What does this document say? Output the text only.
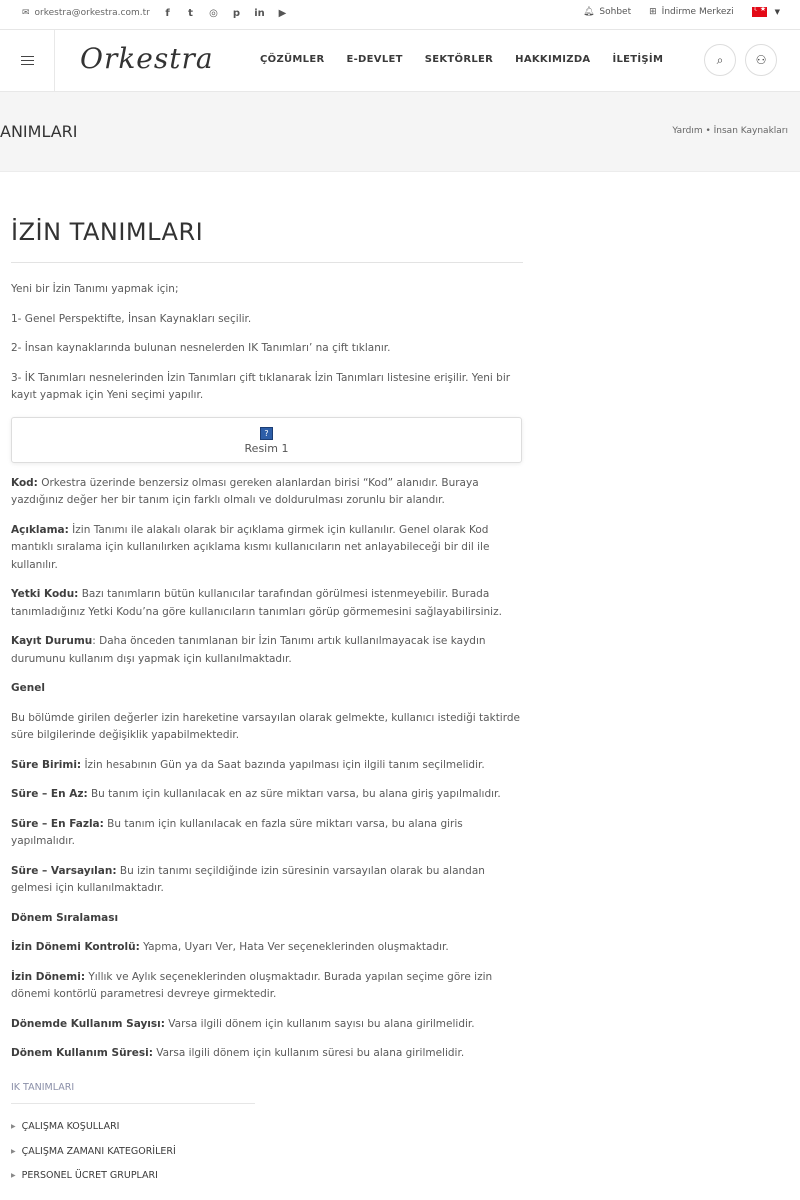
✉ orkestra@orkestra.com.tr	f	t	◎ p in ▶	🔔︎ Sohbet ⊞ İndirme Merkezi
☾★	▼
Orkestra	ÇÖZÜMLER E-DEVLET SEKTÖRLER HAKKIMIZDA İLETİŞİM	⌕	⚇
ANIMLARI	Yardım • İnsan Kaynakları
İZİN TANIMLARI
Yeni bir İzin Tanımı yapmak için;
1- Genel Perspektifte, İnsan Kaynakları seçilir.
2- İnsan kaynaklarında bulunan nesnelerden IK Tanımları’ na çift tıklanır.
3- İK Tanımları nesnelerinden İzin Tanımları çift tıklanarak İzin Tanımları listesine erişilir. Yeni bir kayıt yapmak için Yeni seçimi yapılır.
?
Resim 1
Kod: Orkestra üzerinde benzersiz olması gereken alanlardan birisi “Kod” alanıdır. Buraya yazdığınız değer her bir tanım için farklı olmalı ve doldurulması zorunlu bir alandır.
Açıklama: İzin Tanımı ile alakalı olarak bir açıklama girmek için kullanılır. Genel olarak Kod mantıklı sıralama için kullanılırken açıklama kısmı kullanıcıların net anlayabileceği bir dil ile kullanılır.
Yetki Kodu: Bazı tanımların bütün kullanıcılar tarafından görülmesi istenmeyebilir. Burada tanımladığınız Yetki Kodu’na göre kullanıcıların tanımları görüp görmemesini sağlayabilirsiniz.
Kayıt Durumu: Daha önceden tanımlanan bir İzin Tanımı artık kullanılmayacak ise kaydın durumunu kullanım dışı yapmak için kullanılmaktadır.
Genel
Bu bölümde girilen değerler izin hareketine varsayılan olarak gelmekte, kullanıcı istediği taktirde süre bilgilerinde değişiklik yapabilmektedir.
Süre Birimi: İzin hesabının Gün ya da Saat bazında yapılması için ilgili tanım seçilmelidir.
Süre – En Az: Bu tanım için kullanılacak en az süre miktarı varsa, bu alana giriş yapılmalıdır.
Süre – En Fazla: Bu tanım için kullanılacak en fazla süre miktarı varsa, bu alana giris yapılmalıdır.
Süre – Varsayılan: Bu izin tanımı seçildiğinde izin süresinin varsayılan olarak bu alandan gelmesi için kullanılmaktadır.
Dönem Sıralaması
İzin Dönemi Kontrolü: Yapma, Uyarı Ver, Hata Ver seçeneklerinden oluşmaktadır.
İzin Dönemi: Yıllık ve Aylık seçeneklerinden oluşmaktadır. Burada yapılan seçime göre izin dönemi kontörlü parametresi devreye girmektedir.
Dönemde Kullanım Sayısı: Varsa ilgili dönem için kullanım sayısı bu alana girilmelidir.
Dönem Kullanım Süresi: Varsa ilgili dönem için kullanım süresi bu alana girilmelidir.
IK TANIMLARI
▶ ÇALIŞMA KOŞULLARI
▶ ÇALIŞMA ZAMANI KATEGORİLERİ
▶ PERSONEL ÜCRET GRUPLARI
